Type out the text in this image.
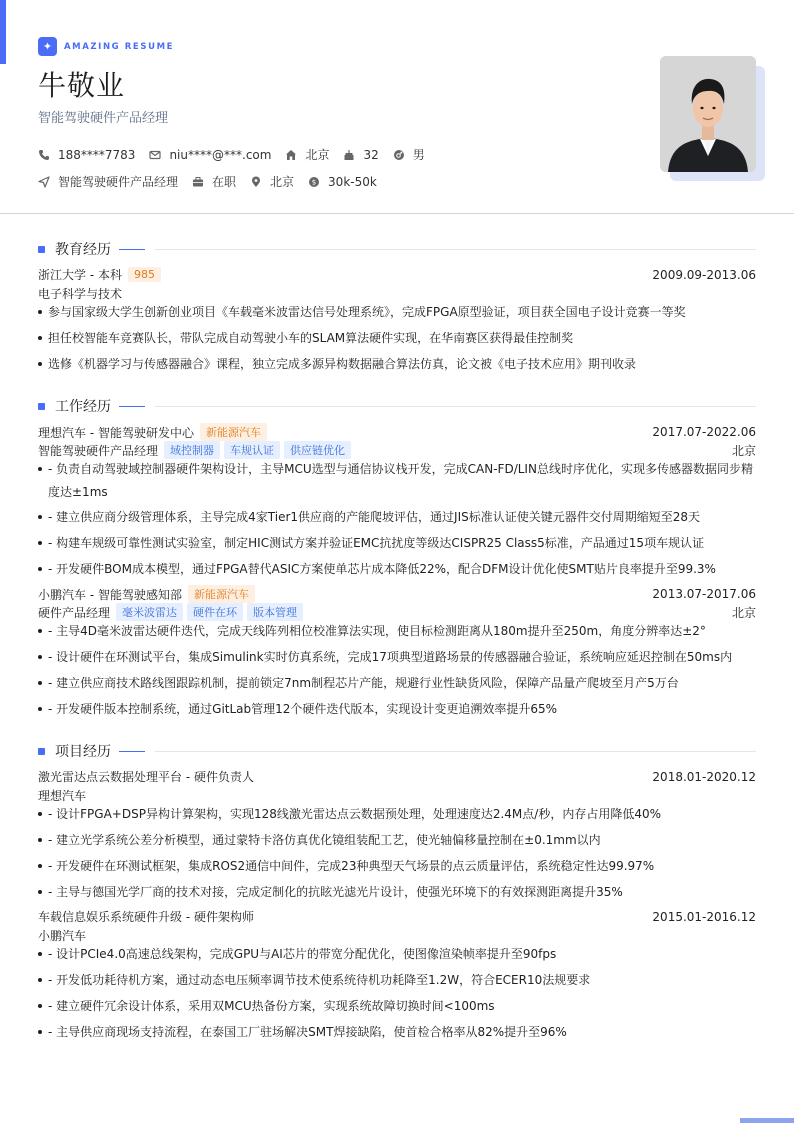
✦	AMAZING RESUME
牛敬业
智能驾驶硬件产品经理
188****7783	niu****@***.com	北京	32	男
智能驾驶硬件产品经理	在职	北京	$ 30k-50k
教育经历
浙江大学 - 本科	985	2009.09-2013.06
电子科学与技术
参与国家级大学生创新创业项目《车载毫米波雷达信号处理系统》，完成FPGA原型验证，项目获全国电子设计竞赛一等奖
担任校智能车竞赛队长，带队完成自动驾驶小车的SLAM算法硬件实现，在华南赛区获得最佳控制奖
选修《机器学习与传感器融合》课程，独立完成多源异构数据融合算法仿真，论文被《电子技术应用》期刊收录
工作经历
理想汽车 - 智能驾驶研发中心	新能源汽车	2017.07-2022.06
智能驾驶硬件产品经理	域控制器	车规认证	供应链优化	北京
- 负责自动驾驶域控制器硬件架构设计，主导MCU选型与通信协议栈开发，完成CAN-FD/LIN总线时序优化，实现多传感器数据同步精度达±1ms
- 建立供应商分级管理体系，主导完成4家Tier1供应商的产能爬坡评估，通过JIS标准认证使关键元器件交付周期缩短至28天
- 构建车规级可靠性测试实验室，制定HIC测试方案并验证EMC抗扰度等级达CISPR25 Class5标准，产品通过15项车规认证
- 开发硬件BOM成本模型，通过FPGA替代ASIC方案使单芯片成本降低22%，配合DFM设计优化使SMT贴片良率提升至99.3%
小鹏汽车 - 智能驾驶感知部	新能源汽车	2013.07-2017.06
硬件产品经理	毫米波雷达	硬件在环	版本管理	北京
- 主导4D毫米波雷达硬件迭代，完成天线阵列相位校准算法实现，使目标检测距离从180m提升至250m，角度分辨率达±2°
- 设计硬件在环测试平台，集成Simulink实时仿真系统，完成17项典型道路场景的传感器融合验证，系统响应延迟控制在50ms内
- 建立供应商技术路线图跟踪机制，提前锁定7nm制程芯片产能，规避行业性缺货风险，保障产品量产爬坡至月产5万台
- 开发硬件版本控制系统，通过GitLab管理12个硬件迭代版本，实现设计变更追溯效率提升65%
项目经历
激光雷达点云数据处理平台 - 硬件负责人	2018.01-2020.12
理想汽车
- 设计FPGA+DSP异构计算架构，实现128线激光雷达点云数据预处理，处理速度达2.4M点/秒，内存占用降低40%
- 建立光学系统公差分析模型，通过蒙特卡洛仿真优化镜组装配工艺，使光轴偏移量控制在±0.1mm以内
- 开发硬件在环测试框架，集成ROS2通信中间件，完成23种典型天气场景的点云质量评估，系统稳定性达99.97%
- 主导与德国光学厂商的技术对接，完成定制化的抗眩光滤光片设计，使强光环境下的有效探测距离提升35%
车载信息娱乐系统硬件升级 - 硬件架构师	2015.01-2016.12
小鹏汽车
- 设计PCIe4.0高速总线架构，完成GPU与AI芯片的带宽分配优化，使图像渲染帧率提升至90fps
- 开发低功耗待机方案，通过动态电压频率调节技术使系统待机功耗降至1.2W，符合ECER10法规要求
- 建立硬件冗余设计体系，采用双MCU热备份方案，实现系统故障切换时间<100ms
- 主导供应商现场支持流程，在泰国工厂驻场解决SMT焊接缺陷，使首检合格率从82%提升至96%
